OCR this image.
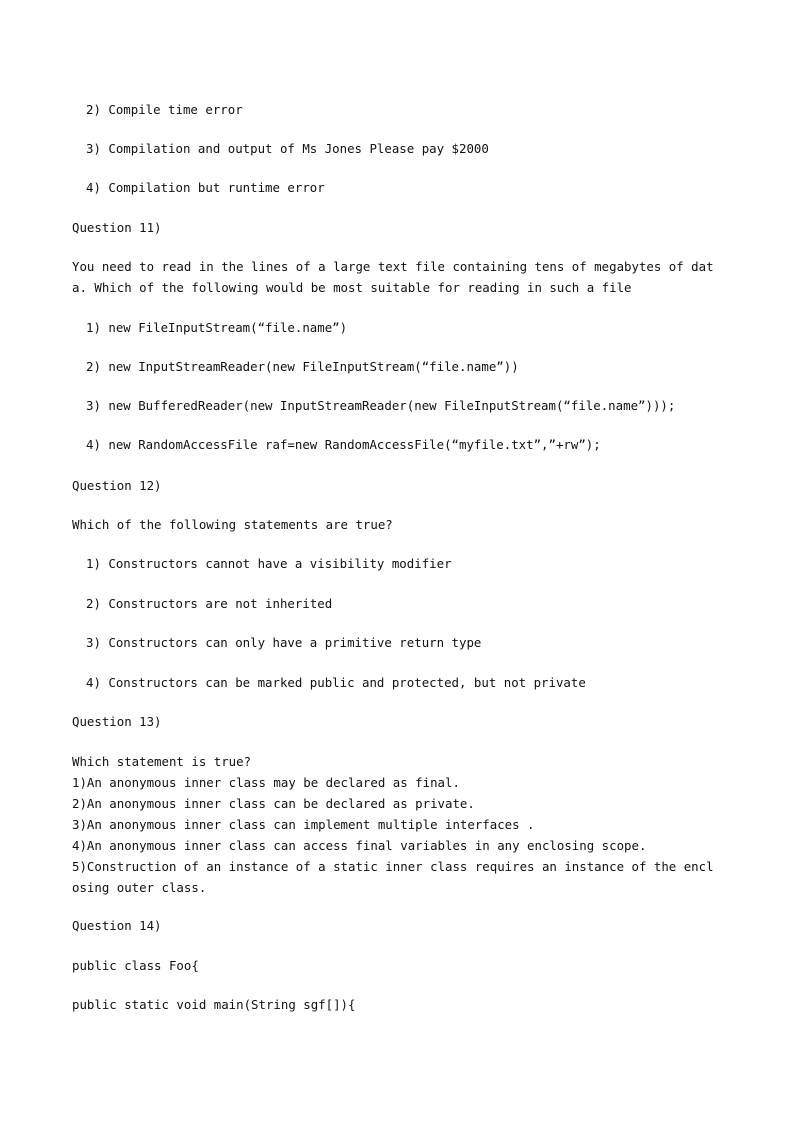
2) Compile time error
3) Compilation and output of Ms Jones Please pay $2000
4) Compilation but runtime error
Question 11)
You need to read in the lines of a large text file containing tens of megabytes of data. Which of the following would be most suitable for reading in such a file
1) new FileInputStream(“file.name”)
2) new InputStreamReader(new FileInputStream(“file.name”))
3) new BufferedReader(new InputStreamReader(new FileInputStream(“file.name”)));
4) new RandomAccessFile raf=new RandomAccessFile(“myfile.txt”,”+rw”);
Question 12)
Which of the following statements are true?
1) Constructors cannot have a visibility modifier
2) Constructors are not inherited
3) Constructors can only have a primitive return type
4) Constructors can be marked public and protected, but not private
Question 13)
Which statement is true?
1)An anonymous inner class may be declared as final.
2)An anonymous inner class can be declared as private.
3)An anonymous inner class can implement multiple interfaces .
4)An anonymous inner class can access final variables in any enclosing scope.
5)Construction of an instance of a static inner class requires an instance of the enclosing outer class.
Question 14)
public class Foo{
public static void main(String sgf[]){
